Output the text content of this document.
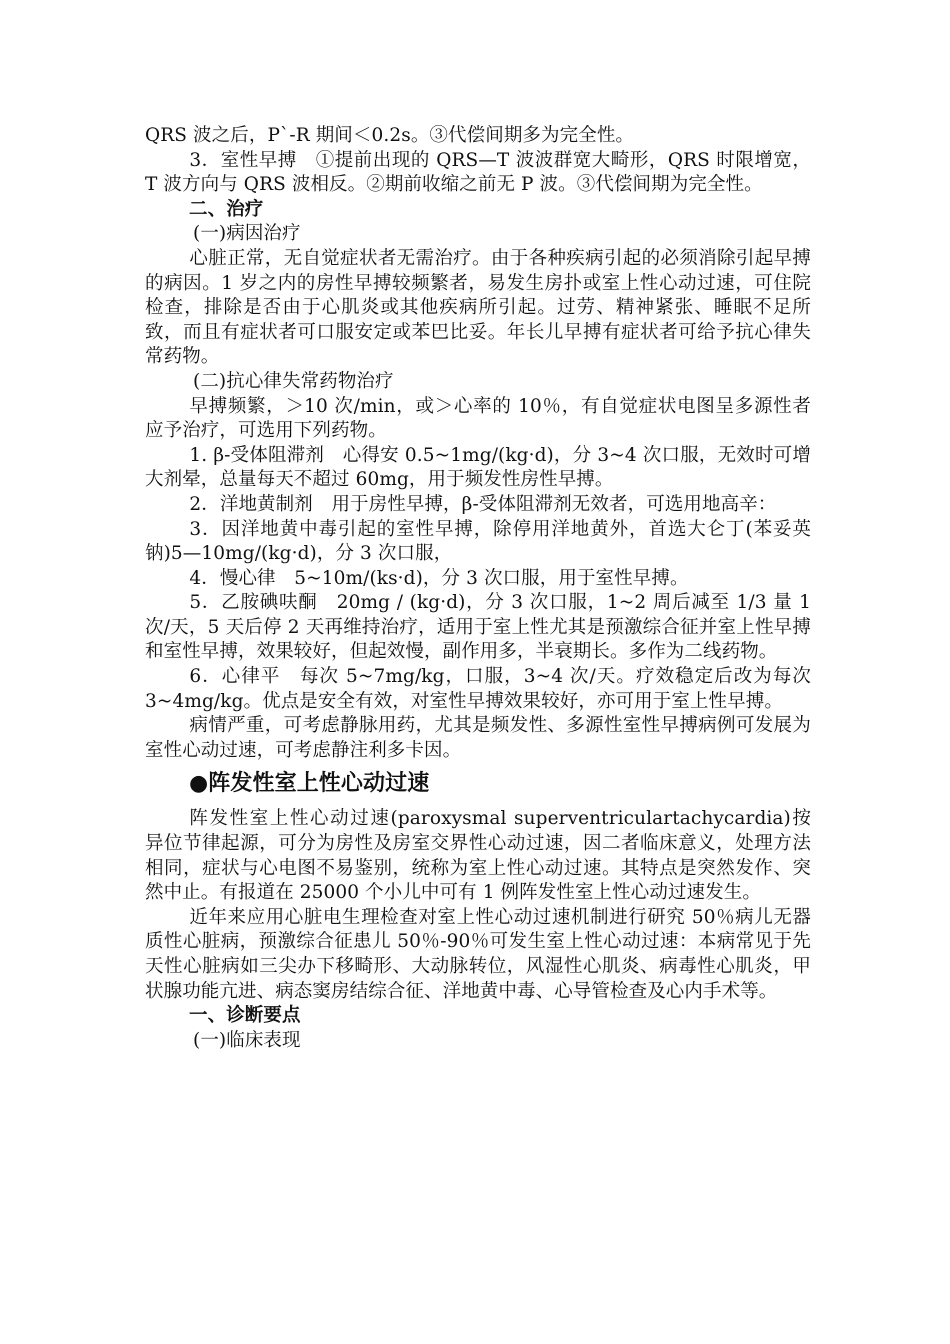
QRS 波之后，P`-R 期间＜0.2s。③代偿间期多为完全性。

3．室性早搏　①提前出现的 QRS—T 波波群宽大畸形，QRS 时限增宽，T 波方向与 QRS 波相反。②期前收缩之前无 P 波。③代偿间期为完全性。

二、治疗

(一)病因治疗

心脏正常，无自觉症状者无需治疗。由于各种疾病引起的必须消除引起早搏的病因。1 岁之内的房性早搏较频繁者，易发生房扑或室上性心动过速，可住院检查，排除是否由于心肌炎或其他疾病所引起。过劳、精神紧张、睡眠不足所致，而且有症状者可口服安定或苯巴比妥。年长儿早搏有症状者可给予抗心律失常药物。

(二)抗心律失常药物治疗

早搏频繁，＞10 次/min，或＞心率的 10％，有自觉症状电图呈多源性者应予治疗，可选用下列药物。

1. β-受体阻滞剂　心得安 0.5~1mg/(kg·d)，分 3~4 次口服，无效时可增大剂晕，总量每天不超过 60mg，用于频发性房性早搏。

2．洋地黄制剂　用于房性早搏，β-受体阻滞剂无效者，可选用地高辛：

3．因洋地黄中毒引起的室性早搏，除停用洋地黄外，首选大仑丁(苯妥英钠)5—10mg/(kg·d)，分 3 次口服，

4．慢心律　5~10m/(ks·d)，分 3 次口服，用于室性早搏。

5．乙胺碘呋酮　20mg / (kg·d)，分 3 次口服，1~2 周后减至 1/3 量 1 次/天，5 天后停 2 天再维持治疗，适用于室上性尤其是预激综合征并室上性早搏和室性早搏，效果较好，但起效慢，副作用多，半衰期长。多作为二线药物。

6．心律平　每次 5~7mg/kg，口服，3~4 次/天。疗效稳定后改为每次 3~4mg/kg。优点是安全有效，对室性早搏效果较好，亦可用于室上性早搏。

病情严重，可考虑静脉用药，尤其是频发性、多源性室性早搏病例可发展为室性心动过速，可考虑静注利多卡因。

●阵发性室上性心动过速

阵发性室上性心动过速(paroxysmal superventriculartachycardia)按异位节律起源，可分为房性及房室交界性心动过速，因二者临床意义，处理方法相同，症状与心电图不易鉴别，统称为室上性心动过速。其特点是突然发作、突然中止。有报道在 25000 个小儿中可有 1 例阵发性室上性心动过速发生。

近年来应用心脏电生理检查对室上性心动过速机制进行研究 50％病儿无器质性心脏病，预激综合征患儿 50％-90％可发生室上性心动过速：本病常见于先天性心脏病如三尖办下移畸形、大动脉转位，风湿性心肌炎、病毒性心肌炎，甲状腺功能亢进、病态窦房结综合征、洋地黄中毒、心导管检查及心内手术等。

一、诊断要点

(一)临床表现
